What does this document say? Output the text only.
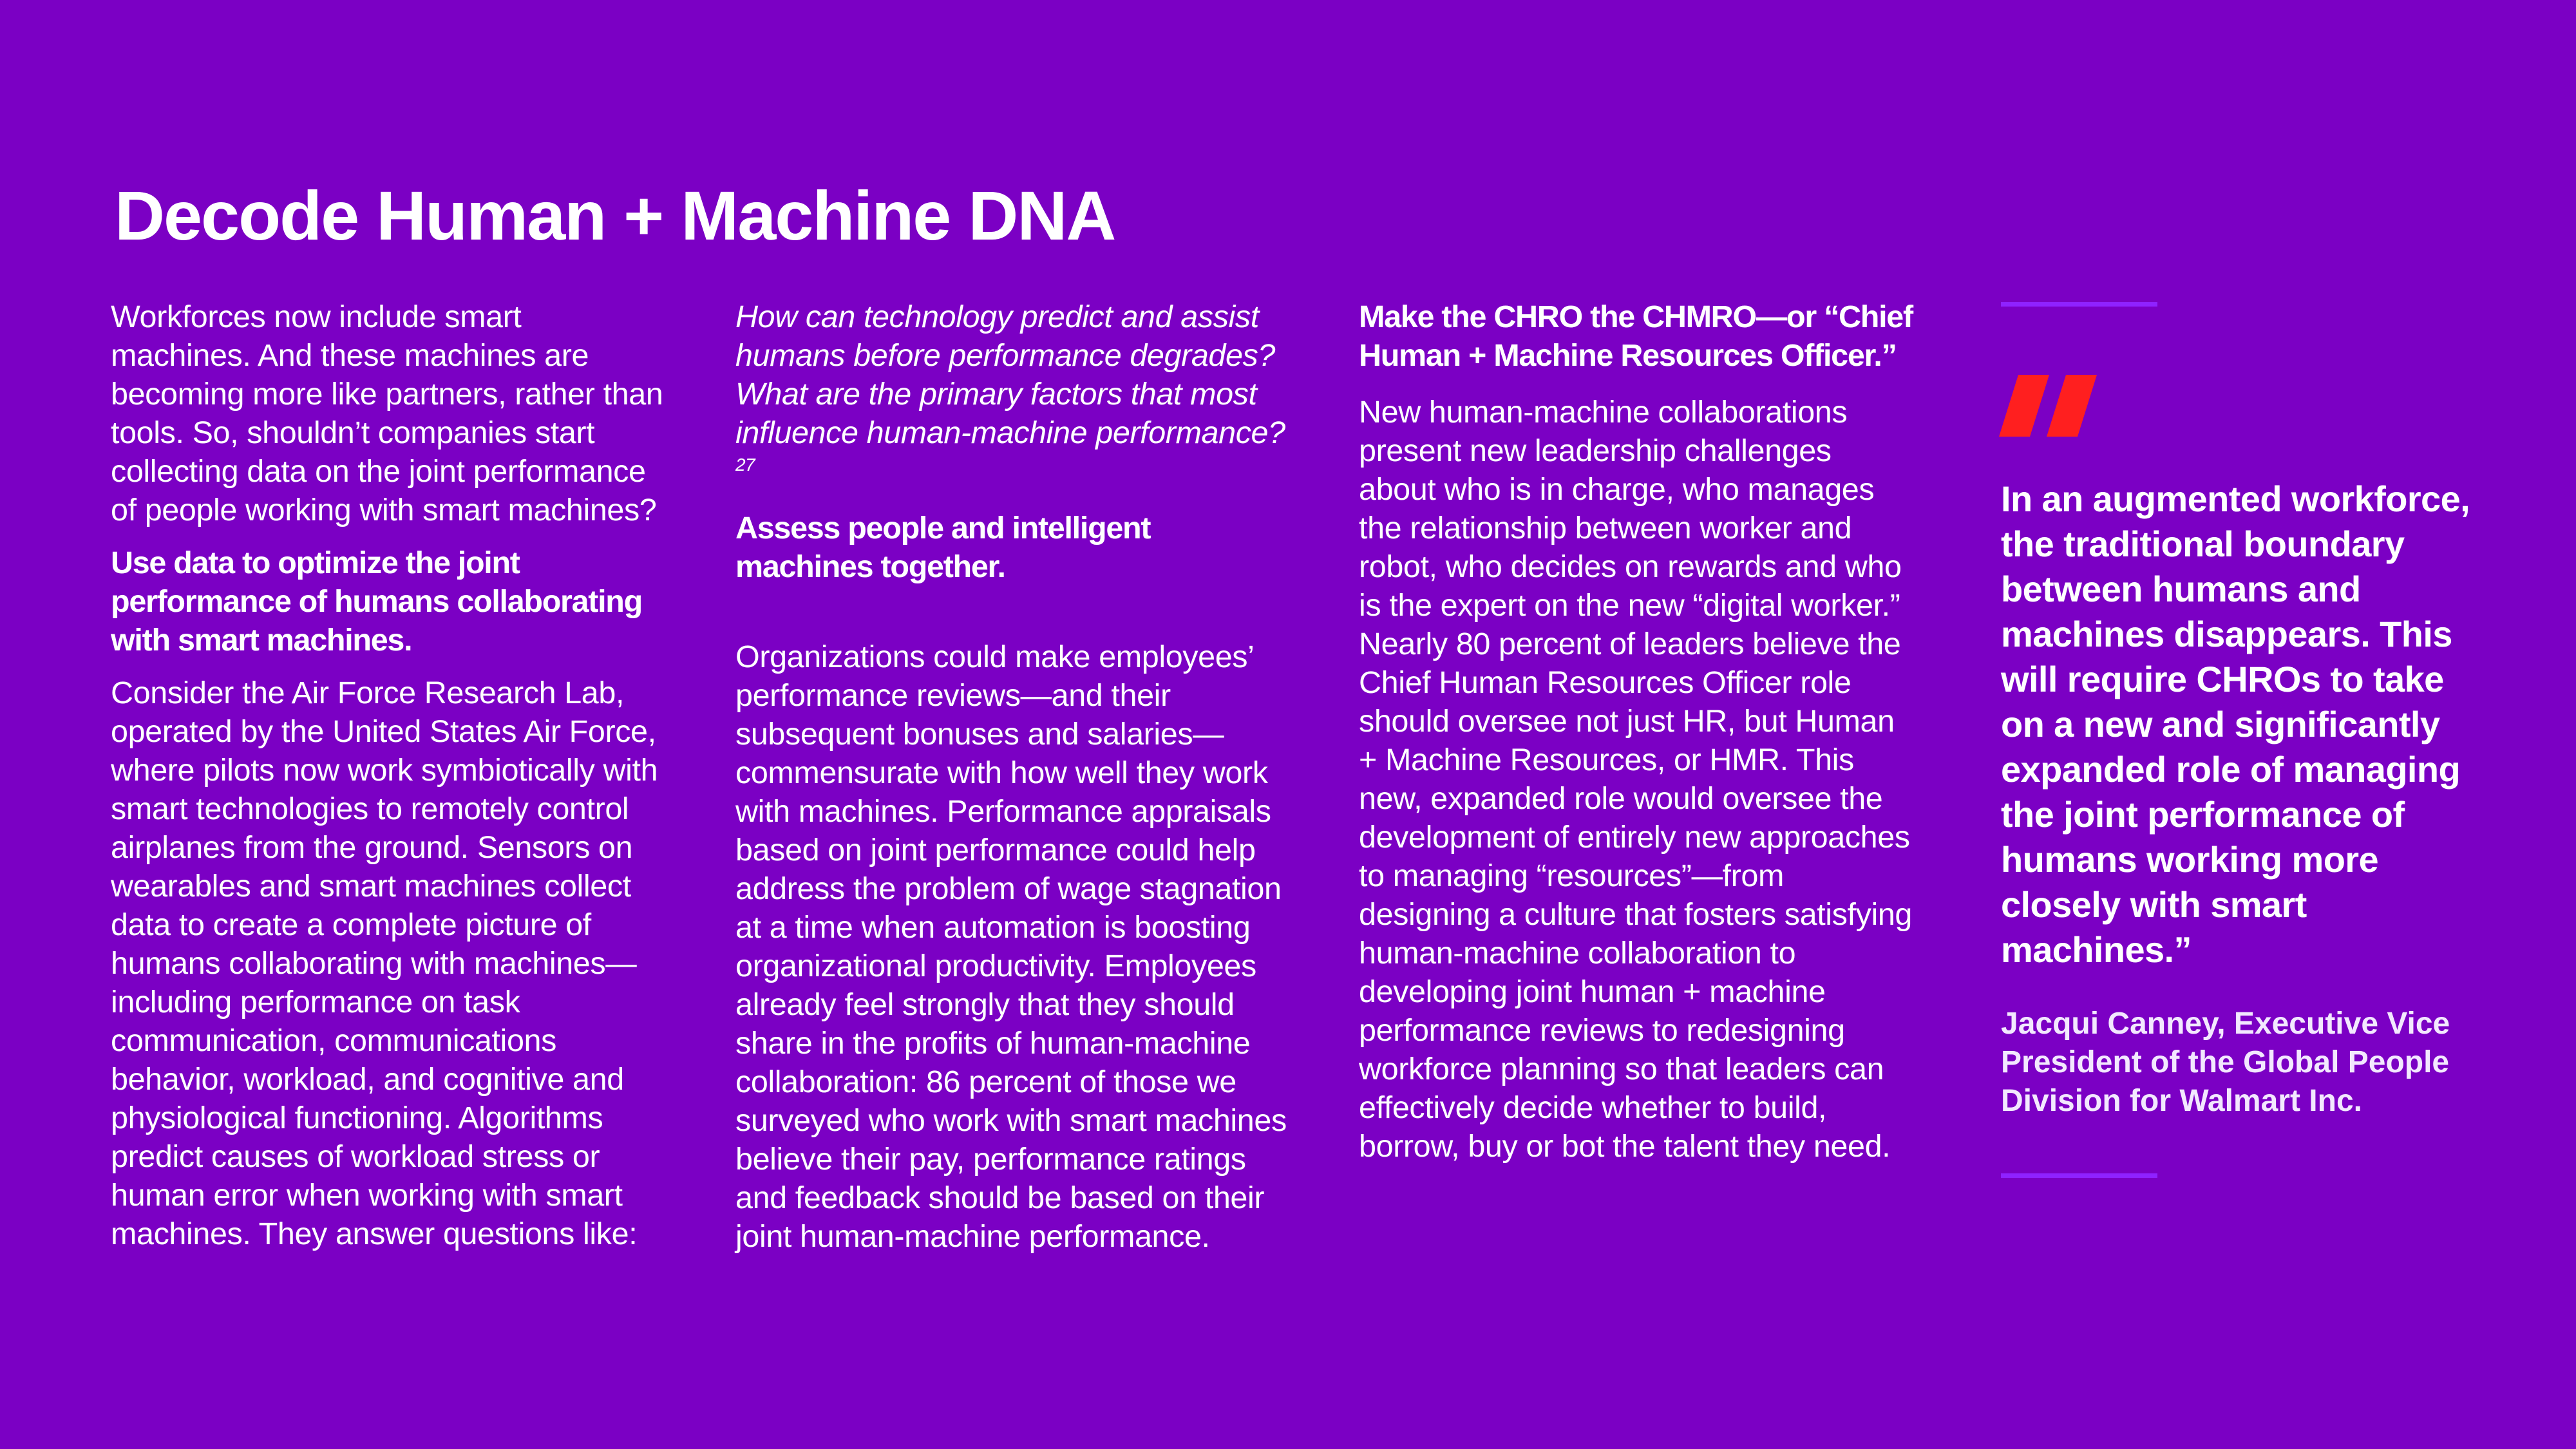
Decode Human + Machine DNA

Workforces now include smart machines. And these machines are becoming more like partners, rather than tools. So, shouldn’t companies start collecting data on the joint performance of people working with smart machines?

Use data to optimize the joint performance of humans collaborating with smart machines.

Consider the Air Force Research Lab, operated by the United States Air Force, where pilots now work symbiotically with smart technologies to remotely control airplanes from the ground. Sensors on wearables and smart machines collect data to create a complete picture of humans collaborating with machines—including performance on task communication, communications behavior, workload, and cognitive and physiological functioning. Algorithms predict causes of workload stress or human error when working with smart machines. They answer questions like:

How can technology predict and assist humans before performance degrades? What are the primary factors that most influence human-machine performance?$^{27}$

Assess people and intelligent machines together.

Organizations could make employees’ performance reviews—and their subsequent bonuses and salaries—commensurate with how well they work with machines. Performance appraisals based on joint performance could help address the problem of wage stagnation at a time when automation is boosting organizational productivity. Employees already feel strongly that they should share in the profits of human-machine collaboration: 86 percent of those we surveyed who work with smart machines believe their pay, performance ratings and feedback should be based on their joint human-machine performance.

Make the CHRO the CHMRO—or “Chief Human + Machine Resources Officer.”

New human-machine collaborations present new leadership challenges about who is in charge, who manages the relationship between worker and robot, who decides on rewards and who is the expert on the new “digital worker.” Nearly 80 percent of leaders believe the Chief Human Resources Officer role should oversee not just HR, but Human + Machine Resources, or HMR. This new, expanded role would oversee the development of entirely new approaches to managing “resources”—from designing a culture that fosters satisfying human-machine collaboration to developing joint human + machine performance reviews to redesigning workforce planning so that leaders can effectively decide whether to build, borrow, buy or bot the talent they need.

In an augmented workforce, the traditional boundary between humans and machines disappears. This will require CHROs to take on a new and significantly expanded role of managing the joint performance of humans working more closely with smart machines.”

Jacqui Canney, Executive Vice President of the Global People Division for Walmart Inc.
